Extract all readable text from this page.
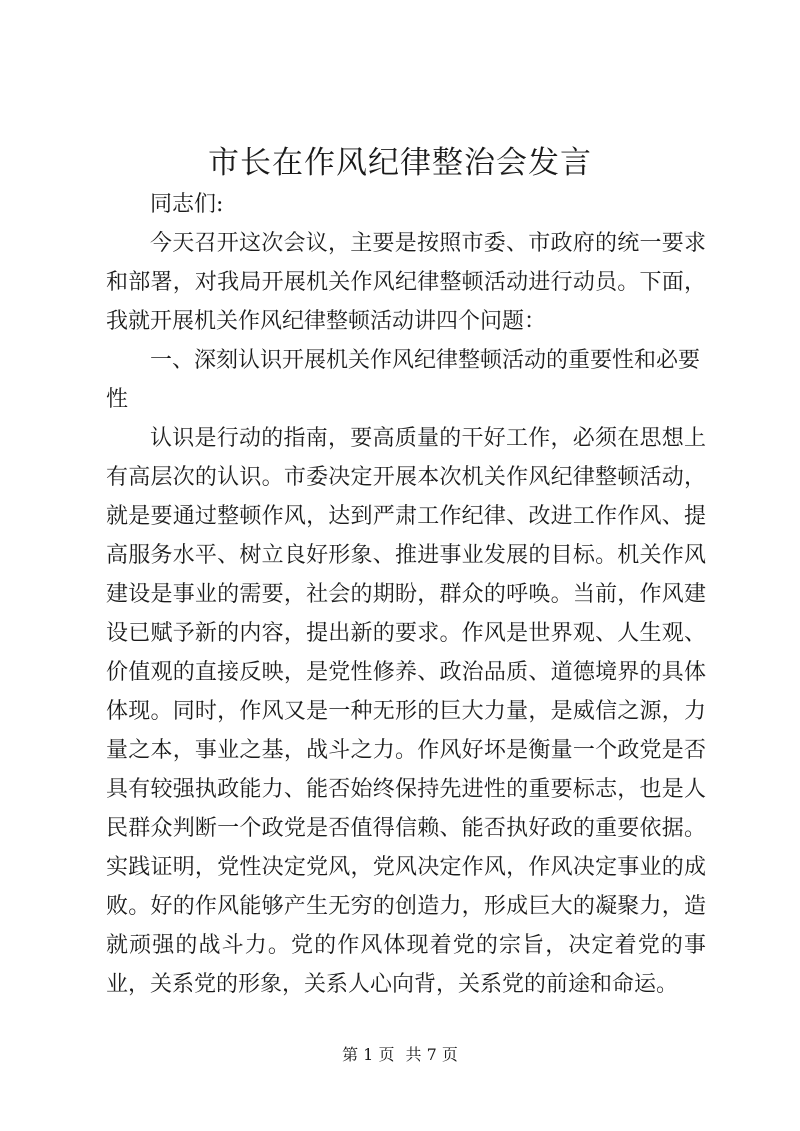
市长在作风纪律整治会发言

同志们:

今天召开这次会议，主要是按照市委、市政府的统一要求和部署，对我局开展机关作风纪律整顿活动进行动员。下面，我就开展机关作风纪律整顿活动讲四个问题：

一、深刻认识开展机关作风纪律整顿活动的重要性和必要性

认识是行动的指南，要高质量的干好工作，必须在思想上有高层次的认识。市委决定开展本次机关作风纪律整顿活动，就是要通过整顿作风，达到严肃工作纪律、改进工作作风、提高服务水平、树立良好形象、推进事业发展的目标。机关作风建设是事业的需要，社会的期盼，群众的呼唤。当前，作风建设已赋予新的内容，提出新的要求。作风是世界观、人生观、价值观的直接反映，是党性修养、政治品质、道德境界的具体体现。同时，作风又是一种无形的巨大力量，是威信之源，力量之本，事业之基，战斗之力。作风好坏是衡量一个政党是否具有较强执政能力、能否始终保持先进性的重要标志，也是人民群众判断一个政党是否值得信赖、能否执好政的重要依据。实践证明，党性决定党风，党风决定作风，作风决定事业的成败。好的作风能够产生无穷的创造力，形成巨大的凝聚力，造就顽强的战斗力。党的作风体现着党的宗旨，决定着党的事业，关系党的形象，关系人心向背，关系党的前途和命运。

第 1 页 共 7 页
